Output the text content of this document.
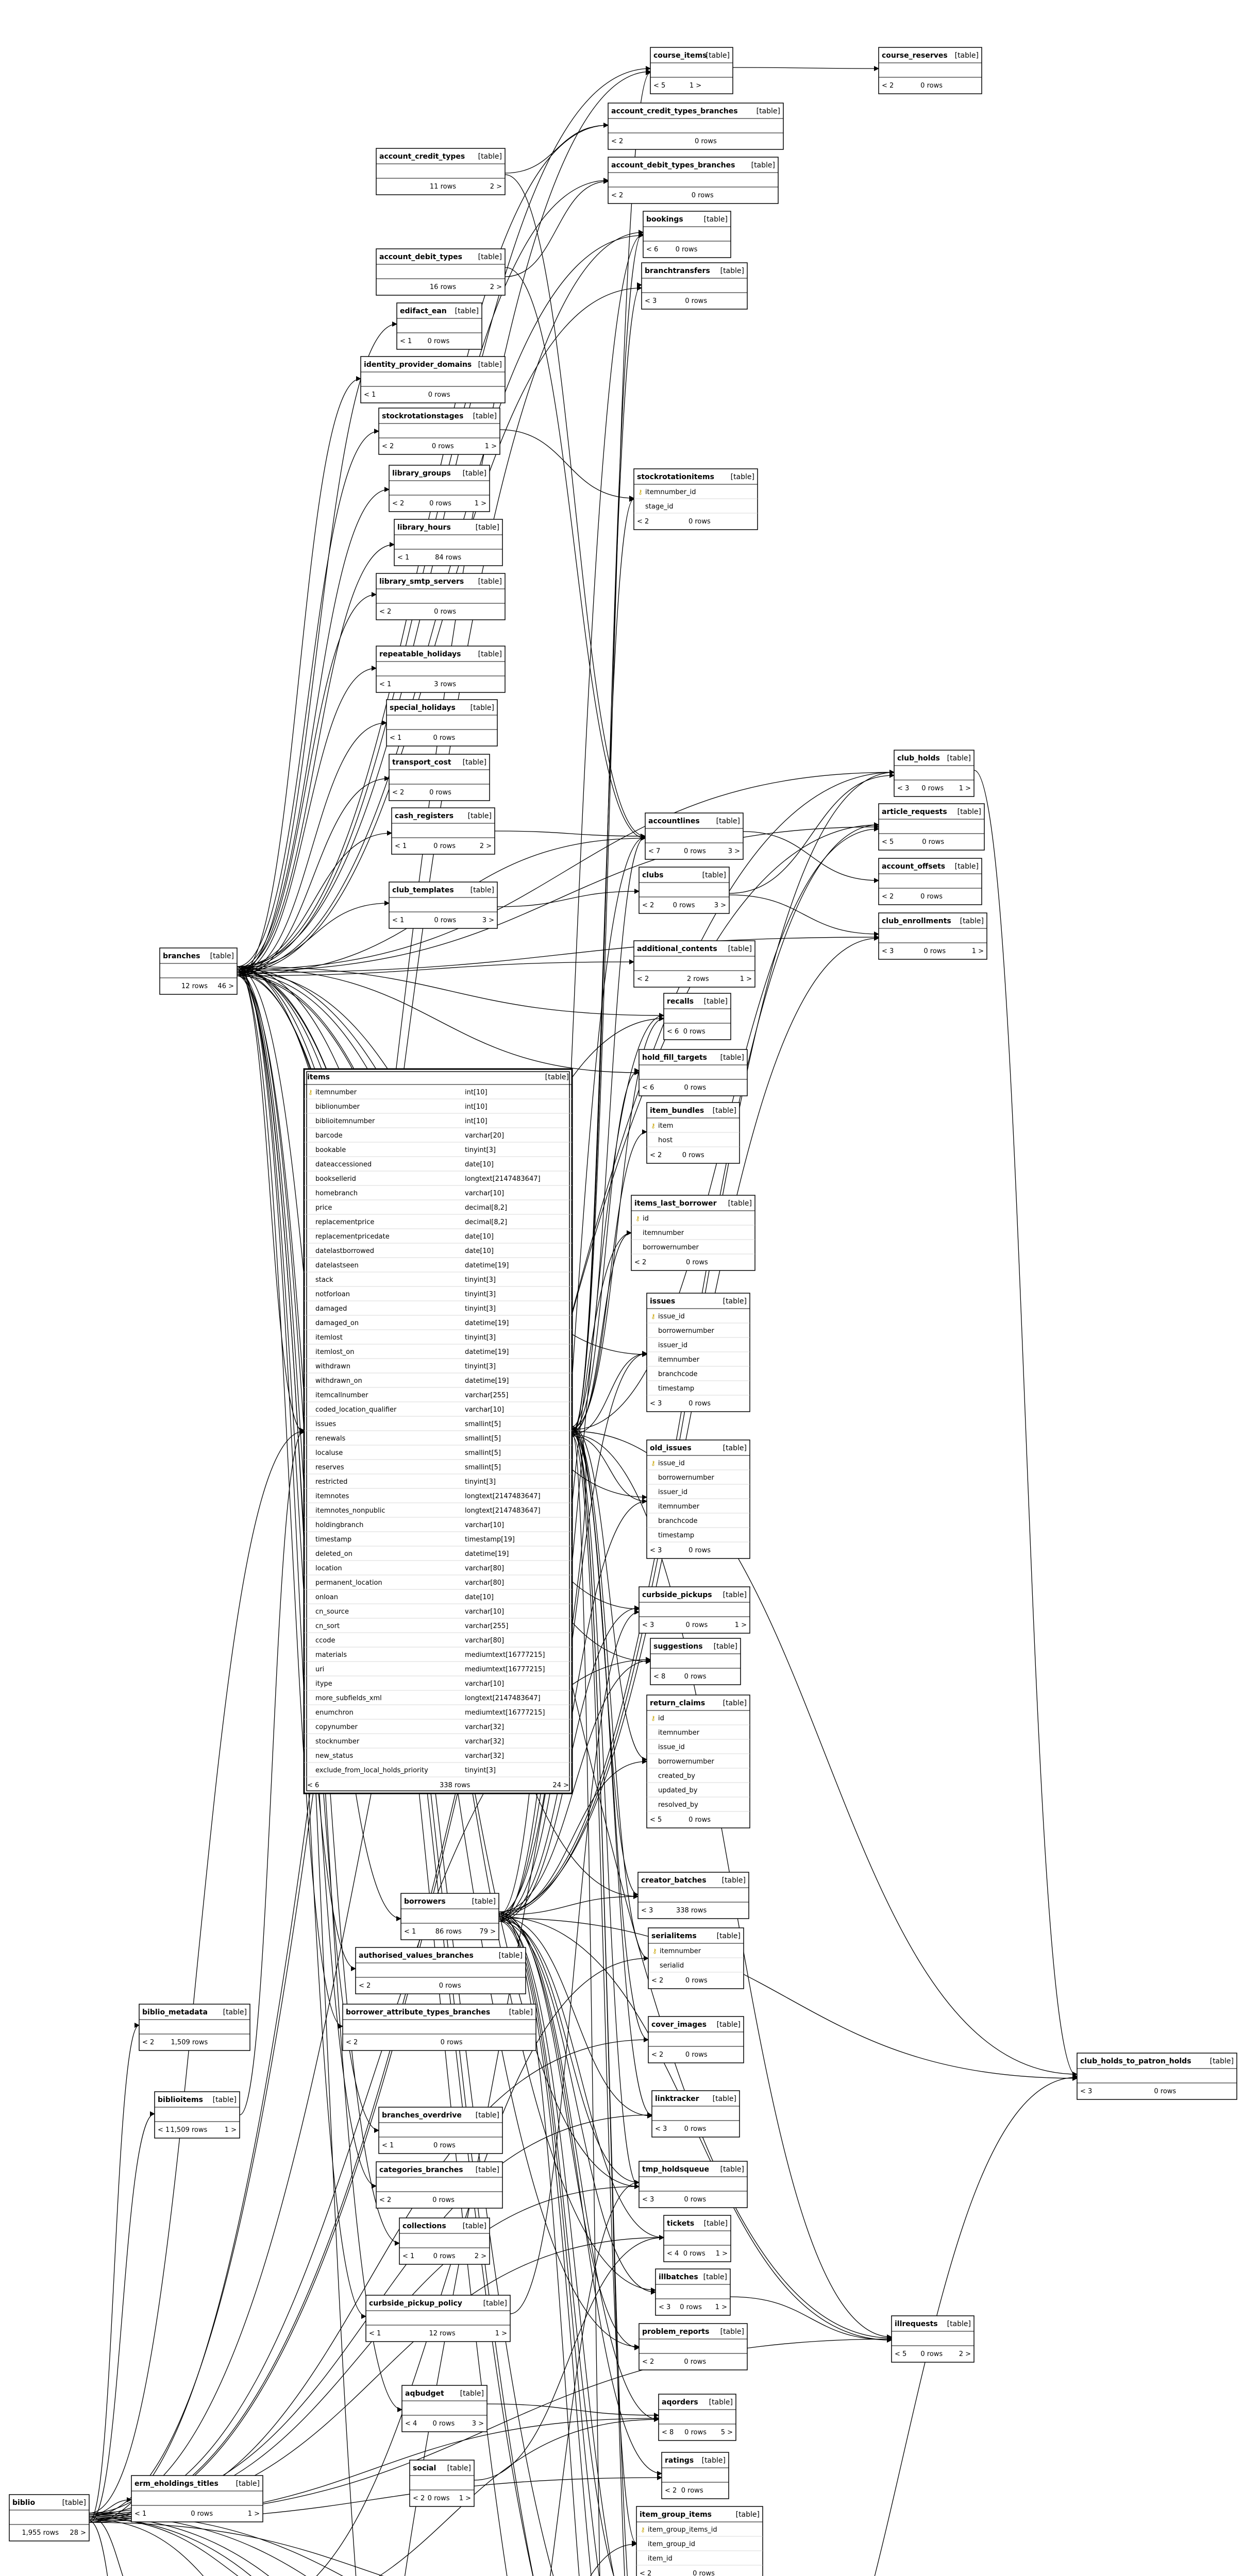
course_items
[table]
< 5	1 >
course_reserves [table]
< 2	0 rows
account_credit_types_branches	[table]
< 2	0 rows
account_debit_types_branches [table]
< 2	0 rows
account_credit_types [table]
11 rows	2 >
account_debit_types [table]
16 rows	2 >
bookings	[table]
< 6	0 rows
branchtransfers [table]
< 3	0 rows
edifact_ean [table]
< 1 0 rows
identity_provider_domains [table]
< 1	0 rows
stockrotationstages [table]
< 2	0 rows	1 >
stockrotationitems [table]
itemnumber_id
⚷
stage_id
< 2	0 rows
library_groups [table]
< 2	0 rows	1 >
library_hours	[table]
< 1	84 rows
library_smtp_servers [table]
< 2	0 rows
repeatable_holidays [table]
< 1	3 rows
special_holidays [table]
< 1	0 rows
transport_cost [table]
< 2	0 rows
cash_registers [table]
< 1	0 rows	2 >
club_templates [table]
< 1	0 rows	3 >
club_holds [table]
< 3 0 rows 1 >
article_requests [table]
< 5	0 rows
account_offsets [table]
< 2	0 rows
club_enrollments [table]
< 3	0 rows	1 >
accountlines [table]
< 7	0 rows	3 >
clubs	[table]
< 2	0 rows	3 >
additional_contents [table]
< 2	2 rows	1 >
branches [table]
12 rows 46 >
recalls [table]
< 6 0 rows
hold_fill_targets [table]
< 6	0 rows
item_bundles [table]
item
⚷
host
< 2	0 rows
items_last_borrower [table]
id
⚷
itemnumber
borrowernumber
< 2	0 rows
issues	[table]
issue_id
⚷
borrowernumber
issuer_id
itemnumber
branchcode
timestamp
< 3	0 rows
old_issues	[table]
issue_id
⚷
borrowernumber
issuer_id
itemnumber
branchcode
timestamp
< 3	0 rows
curbside_pickups [table]
< 3	0 rows	1 >
suggestions [table]
< 8	0 rows
return_claims [table]
id
⚷
itemnumber
issue_id
borrowernumber
created_by
updated_by
resolved_by
< 5	0 rows
items	[table]
itemnumber
⚷	int[10]
biblionumber	int[10]
biblioitemnumber	int[10]
barcode	varchar[20]
bookable	tinyint[3]
dateaccessioned	date[10]
booksellerid	longtext[2147483647]
homebranch	varchar[10]
price	decimal[8,2]
replacementprice	decimal[8,2]
replacementpricedate	date[10]
datelastborrowed	date[10]
datelastseen	datetime[19]
stack	tinyint[3]
notforloan	tinyint[3]
damaged	tinyint[3]
damaged_on	datetime[19]
itemlost	tinyint[3]
itemlost_on	datetime[19]
withdrawn	tinyint[3]
withdrawn_on	datetime[19]
itemcallnumber	varchar[255]
coded_location_qualifier	varchar[10]
issues	smallint[5]
renewals	smallint[5]
localuse	smallint[5]
reserves	smallint[5]
restricted	tinyint[3]
itemnotes	longtext[2147483647]
itemnotes_nonpublic	longtext[2147483647]
holdingbranch	varchar[10]
timestamp	timestamp[19]
deleted_on	datetime[19]
location	varchar[80]
permanent_location	varchar[80]
onloan	date[10]
cn_source	varchar[10]
cn_sort	varchar[255]
ccode	varchar[80]
materials	mediumtext[16777215]
uri	mediumtext[16777215]
itype	varchar[10]
more_subfields_xml	longtext[2147483647]
enumchron	mediumtext[16777215]
copynumber	varchar[32]
stocknumber	varchar[32]
new_status	varchar[32]
exclude_from_local_holds_priority	tinyint[3]
< 6	338 rows	24 >
creator_batches [table]
< 3	338 rows
serialitems	[table]
itemnumber
⚷
serialid
< 2	0 rows
borrowers	[table]
< 1	86 rows	79 >
authorised_values_branches	[table]
< 2	0 rows
biblio_metadata [table]
< 2 1,509 rows
borrower_attribute_types_branches	[table]
< 2	0 rows
cover_images [table]
< 2	0 rows
club_holds_to_patron_holds	[table]
< 3	0 rows
biblioitems [table]
< 1 1,509 rows	1 >
branches_overdrive [table]
< 1	0 rows
linktracker [table]
< 3	0 rows
categories_branches [table]
< 2	0 rows
tmp_holdsqueue [table]
< 3	0 rows
collections [table]
< 1	0 rows	2 >
tickets [table]
< 4 0 rows 1 >
illbatches [table]
< 3 0 rows 1 >
curbside_pickup_policy	[table]
< 1	12 rows	1 >
illrequests [table]
< 5 0 rows 2 >
problem_reports [table]
< 2	0 rows
aqbudget [table]
< 4 0 rows	3 >
aqorders [table]
< 8 0 rows 5 >
social [table]
< 2 0 rows 1 >
ratings [table]
< 2 0 rows
biblio	[table]
1,955 rows 28 >
erm_eholdings_titles [table]
< 1	0 rows	1 >	item_group_items	[table]
item_group_items_id
⚷
item_group_id
item_id
< 2	0 rows
